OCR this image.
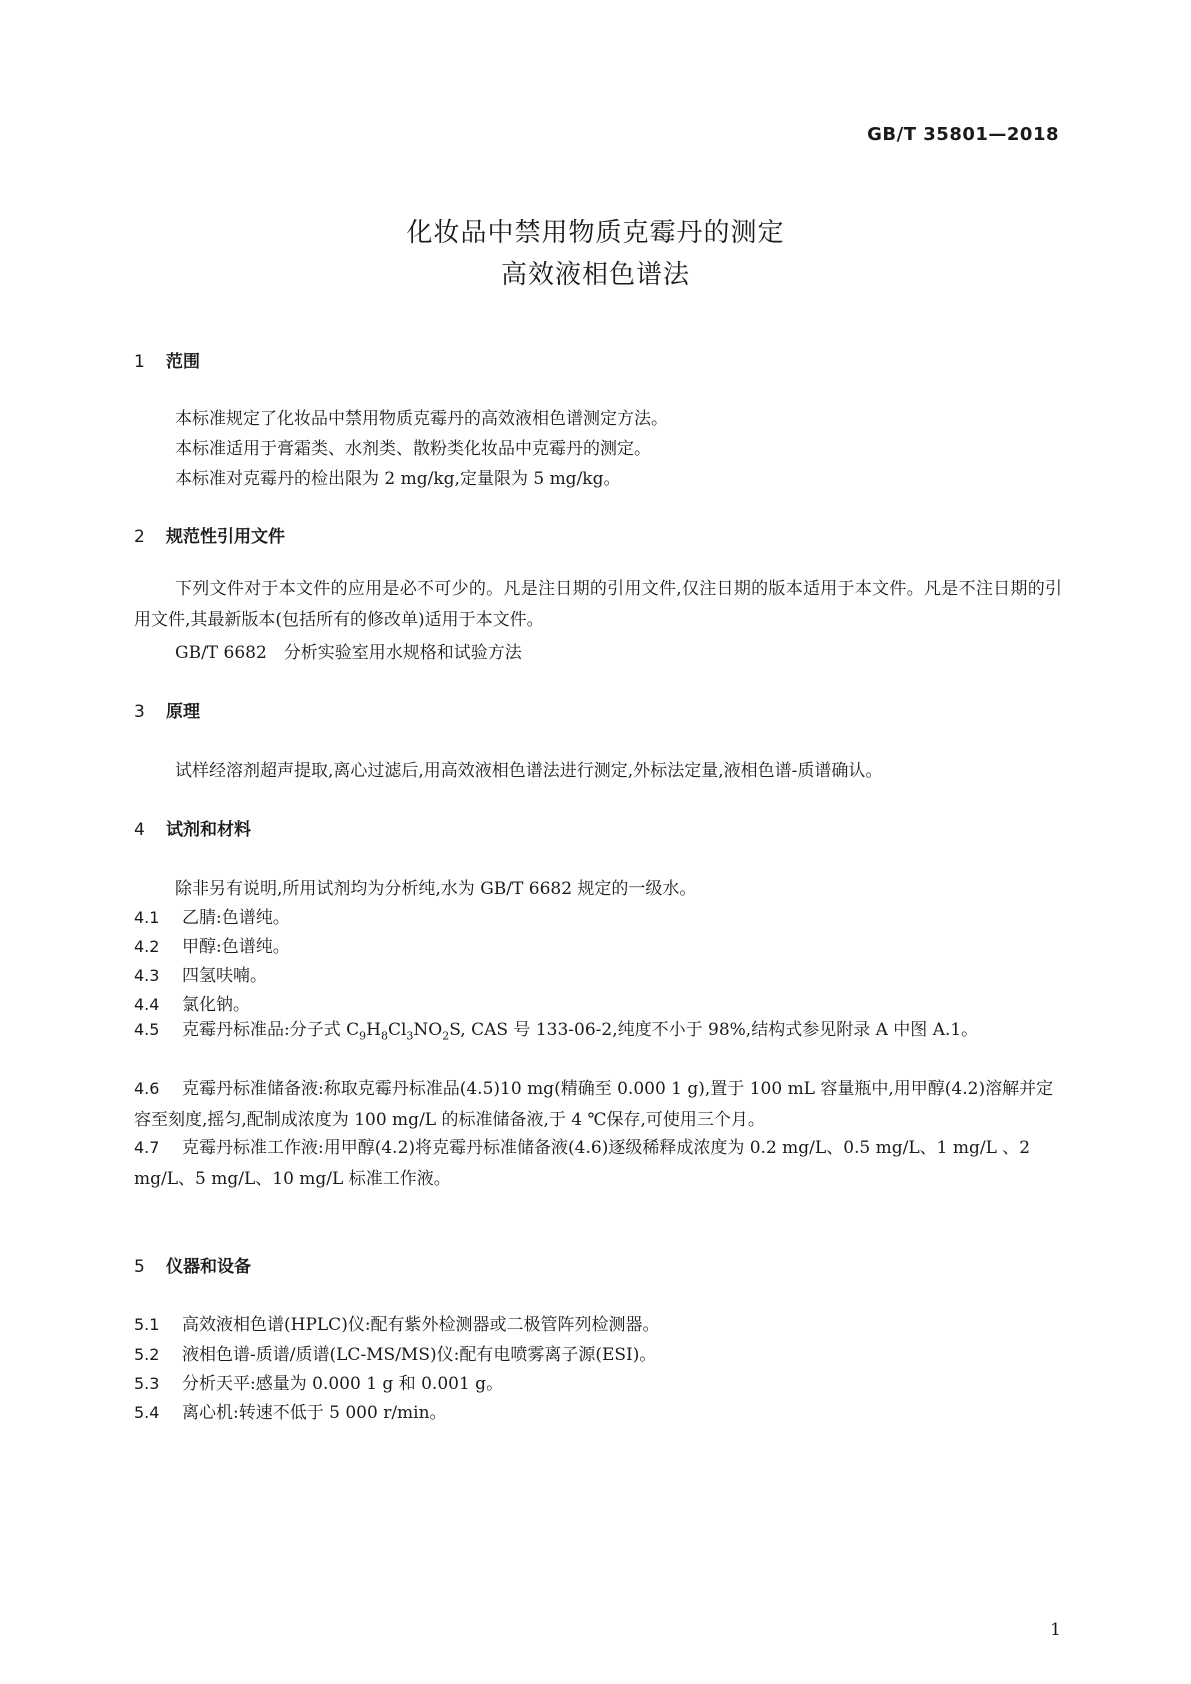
GB/T 35801—2018
化妆品中禁用物质克霉丹的测定
高效液相色谱法
1 范围
本标准规定了化妆品中禁用物质克霉丹的高效液相色谱测定方法。
本标准适用于膏霜类、水剂类、散粉类化妆品中克霉丹的测定。
本标准对克霉丹的检出限为 2 mg/kg,定量限为 5 mg/kg。
2 规范性引用文件
下列文件对于本文件的应用是必不可少的。凡是注日期的引用文件,仅注日期的版本适用于本文件。凡是不注日期的引用文件,其最新版本(包括所有的修改单)适用于本文件。
GB/T 6682　分析实验室用水规格和试验方法
3 原理
试样经溶剂超声提取,离心过滤后,用高效液相色谱法进行测定,外标法定量,液相色谱-质谱确认。
4 试剂和材料
除非另有说明,所用试剂均为分析纯,水为 GB/T 6682 规定的一级水。
4.1 乙腈:色谱纯。
4.2 甲醇:色谱纯。
4.3 四氢呋喃。
4.4 氯化钠。
4.5 克霉丹标准品:分子式 $C_9H_8Cl_3NO_2S$, CAS 号 133-06-2,纯度不小于 98%,结构式参见附录 A 中图 A.1。
4.6 克霉丹标准储备液:称取克霉丹标准品(4.5)10 mg(精确至 0.000 1 g),置于 100 mL 容量瓶中,用甲醇(4.2)溶解并定容至刻度,摇匀,配制成浓度为 100 mg/L 的标准储备液,于 4 ℃保存,可使用三个月。
4.7 克霉丹标准工作液:用甲醇(4.2)将克霉丹标准储备液(4.6)逐级稀释成浓度为 0.2 mg/L、0.5 mg/L、1 mg/L 、2 mg/L、5 mg/L、10 mg/L 标准工作液。
5 仪器和设备
5.1 高效液相色谱(HPLC)仪:配有紫外检测器或二极管阵列检测器。
5.2 液相色谱-质谱/质谱(LC-MS/MS)仪:配有电喷雾离子源(ESI)。
5.3 分析天平:感量为 0.000 1 g 和 0.001 g。
5.4 离心机:转速不低于 5 000 r/min。
1
